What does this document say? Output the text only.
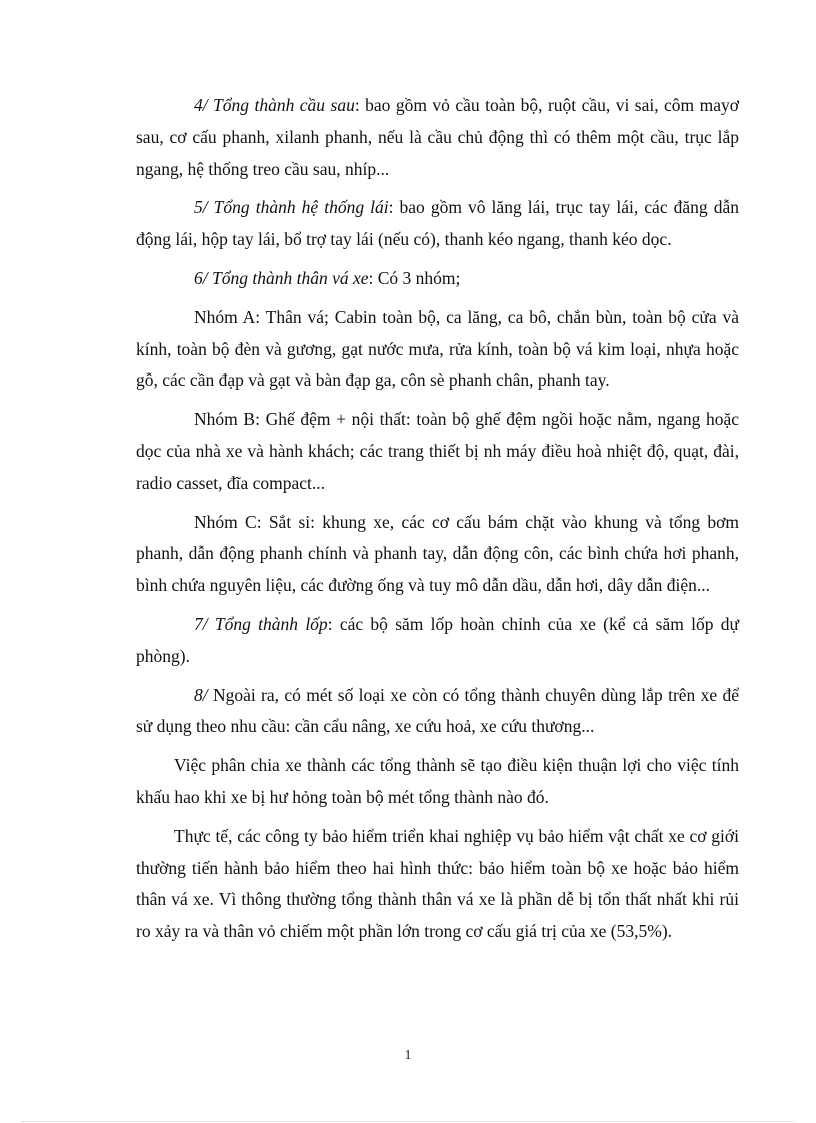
4/ Tổng thành cầu sau: bao gồm vỏ cầu toàn bộ, ruột cầu, vi sai, côm mayơ sau, cơ cấu phanh, xilanh phanh, nếu là cầu chủ động thì có thêm một cầu, trục lắp ngang, hệ thống treo cầu sau, nhíp...

5/ Tổng thành hệ thống lái: bao gồm vô lăng lái, trục tay lái, các đăng dẫn động lái, hộp tay lái, bổ trợ tay lái (nếu có), thanh kéo ngang, thanh kéo dọc.

6/ Tổng thành thân vá xe: Có 3 nhóm;

Nhóm A: Thân vá; Cabin toàn bộ, ca lăng, ca bô, chắn bùn, toàn bộ cửa và kính, toàn bộ đèn và gương, gạt nước mưa, rửa kính, toàn bộ vá kim loại, nhựa hoặc gỗ, các cần đạp và gạt và bàn đạp ga, côn sè phanh chân, phanh tay.

Nhóm B: Ghế đệm + nội thất: toàn bộ ghế đệm ngồi hoặc nằm, ngang hoặc dọc của nhà xe và hành khách; các trang thiết bị nh máy điều hoà nhiệt độ, quạt, đài, radio casset, đĩa compact...

Nhóm C: Sắt si: khung xe, các cơ cấu bám chặt vào khung và tổng bơm phanh, dẫn động phanh chính và phanh tay, dẫn động côn, các bình chứa hơi phanh, bình chứa nguyên liệu, các đường ống và tuy mô dẫn dầu, dẫn hơi, dây dẫn điện...

7/ Tổng thành lốp: các bộ săm lốp hoàn chỉnh của xe (kể cả săm lốp dự phòng).

8/ Ngoài ra, có mét số loại xe còn có tổng thành chuyên dùng lắp trên xe để sử dụng theo nhu cầu: cần cẩu nâng, xe cứu hoả, xe cứu thương...

Việc phân chia xe thành các tổng thành sẽ tạo điều kiện thuận lợi cho việc tính khấu hao khi xe bị hư hỏng toàn bộ mét tổng thành nào đó.

Thực tế, các công ty bảo hiểm triển khai nghiệp vụ bảo hiểm vật chất xe cơ giới thường tiến hành bảo hiểm theo hai hình thức: bảo hiểm toàn bộ xe hoặc bảo hiểm thân vá xe. Vì thông thường tổng thành thân vá xe là phần dễ bị tổn thất nhất khi rủi ro xảy ra và thân vỏ chiếm một phần lớn trong cơ cấu giá trị của xe (53,5%).

1
